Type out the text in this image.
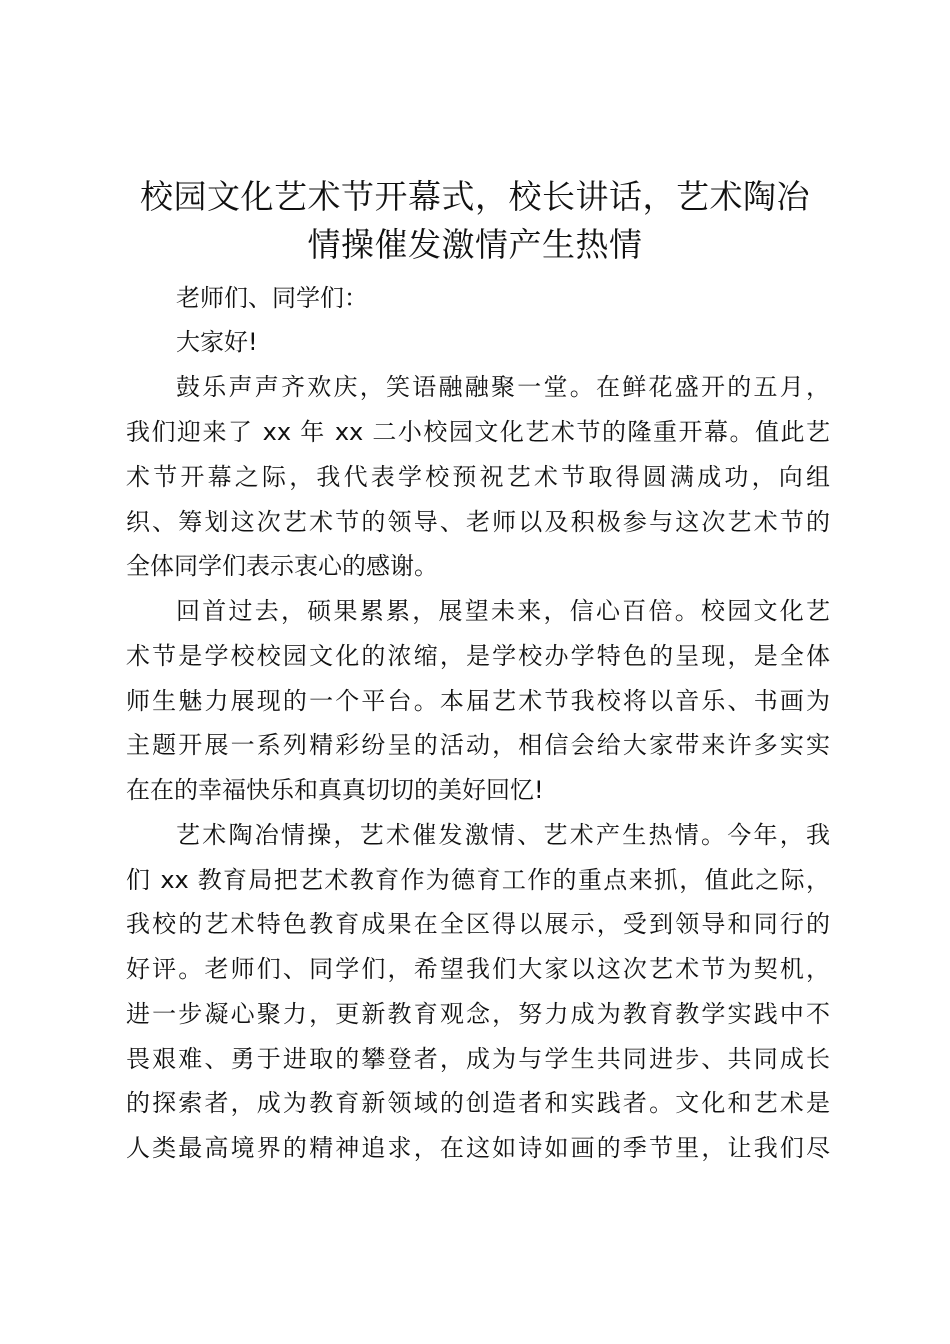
校园文化艺术节开幕式，校长讲话，艺术陶冶
情操催发激情产生热情
老师们、同学们：
大家好!
鼓乐声声齐欢庆，笑语融融聚一堂。在鲜花盛开的五月，
我们迎来了 xx 年 xx 二小校园文化艺术节的隆重开幕。值此艺
术节开幕之际，我代表学校预祝艺术节取得圆满成功，向组
织、筹划这次艺术节的领导、老师以及积极参与这次艺术节的
全体同学们表示衷心的感谢。
回首过去，硕果累累，展望未来，信心百倍。校园文化艺
术节是学校校园文化的浓缩，是学校办学特色的呈现，是全体
师生魅力展现的一个平台。本届艺术节我校将以音乐、书画为
主题开展一系列精彩纷呈的活动，相信会给大家带来许多实实
在在的幸福快乐和真真切切的美好回忆!
艺术陶冶情操，艺术催发激情、艺术产生热情。今年，我
们 xx 教育局把艺术教育作为德育工作的重点来抓，值此之际，
我校的艺术特色教育成果在全区得以展示，受到领导和同行的
好评。老师们、同学们，希望我们大家以这次艺术节为契机，
进一步凝心聚力，更新教育观念，努力成为教育教学实践中不
畏艰难、勇于进取的攀登者，成为与学生共同进步、共同成长
的探索者，成为教育新领域的创造者和实践者。文化和艺术是
人类最高境界的精神追求，在这如诗如画的季节里，让我们尽
